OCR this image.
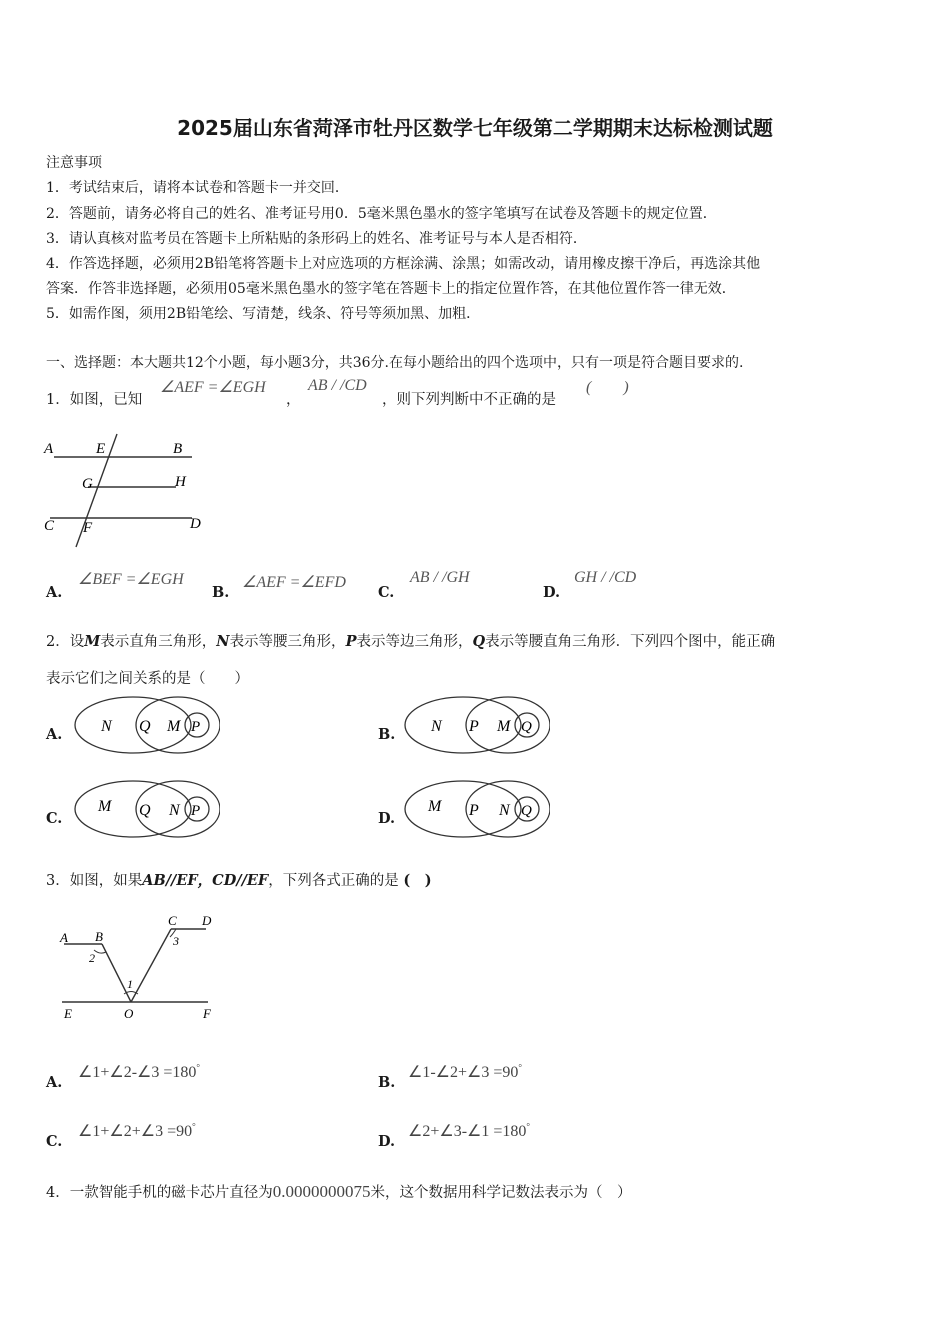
2025届山东省菏泽市牡丹区数学七年级第二学期期末达标检测试题
注意事项
1．考试结束后，请将本试卷和答题卡一并交回．
2．答题前，请务必将自己的姓名、准考证号用0．5毫米黑色墨水的签字笔填写在试卷及答题卡的规定位置．
3．请认真核对监考员在答题卡上所粘贴的条形码上的姓名、准考证号与本人是否相符．
4．作答选择题，必须用2B铅笔将答题卡上对应选项的方框涂满、涂黑；如需改动，请用橡皮擦干净后，再选涂其他
答案．作答非选择题，必须用05毫米黑色墨水的签字笔在答题卡上的指定位置作答，在其他位置作答一律无效．
5．如需作图，须用2B铅笔绘、写清楚，线条、符号等须加黑、加粗．
一、选择题：本大题共12个小题，每小题3分，共36分.在每小题给出的四个选项中，只有一项是符合题目要求的.
1．如图，已知
∠AEF =∠EGH
，
AB / /CD
，则下列判断中不正确的是
(　　)
A	E	B
G	H
C F	D
A.
∠BEF =∠EGH
B.
∠AEF =∠EFD
C.
AB / /GH
D.
GH / /CD
2．设M表示直角三角形，N表示等腰三角形，P表示等边三角形，Q表示等腰直角三角形．下列四个图中，能正确
表示它们之间关系的是（　　）
A. N Q M P	B. N P M Q
C.
M Q N P	D.
M P N Q
3．如图，如果AB//EF，CD//EF，下列各式正确的是 (　)
A B
C D
E	O	F
1
2
3
A.
∠1+∠2-∠3 =180°
B.
∠1-∠2+∠3 =90°
C.
∠1+∠2+∠3 =90°
D.
∠2+∠3-∠1 =180°
4．一款智能手机的磁卡芯片直径为0.0000000075米，这个数据用科学记数法表示为（　）
